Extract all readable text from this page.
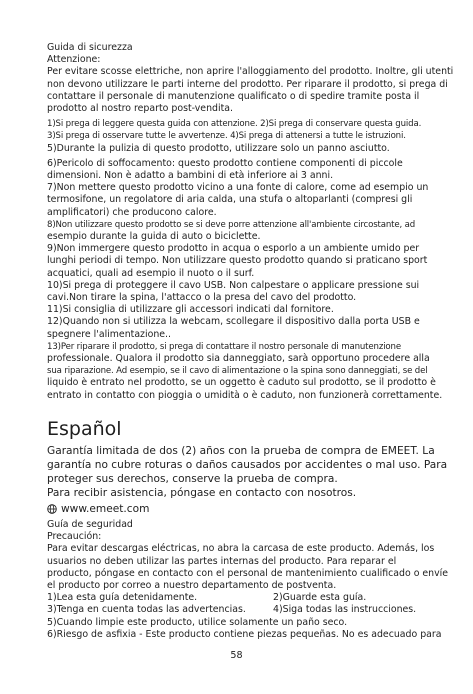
Guida di sicurezza
Attenzione:
Per evitare scosse elettriche, non aprire l'alloggiamento del prodotto. Inoltre, gli utenti
non devono utilizzare le parti interne del prodotto. Per riparare il prodotto, si prega di
contattare il personale di manutenzione qualificato o di spedire tramite posta il
prodotto al nostro reparto post-vendita.
1)Si prega di leggere questa guida con attenzione. 2)Si prega di conservare questa guida.
3)Si prega di osservare tutte le avvertenze. 4)Si prega di attenersi a tutte le istruzioni.
5)Durante la pulizia di questo prodotto, utilizzare solo un panno asciutto.
6)Pericolo di soffocamento: questo prodotto contiene componenti di piccole
dimensioni. Non è adatto a bambini di età inferiore ai 3 anni.
7)Non mettere questo prodotto vicino a una fonte di calore, come ad esempio un
termosifone, un regolatore di aria calda, una stufa o altoparlanti (compresi gli
amplificatori) che producono calore.
8)Non utilizzare questo prodotto se si deve porre attenzione all'ambiente circostante, ad
esempio durante la guida di auto o biciclette.
9)Non immergere questo prodotto in acqua o esporlo a un ambiente umido per
lunghi periodi di tempo. Non utilizzare questo prodotto quando si praticano sport
acquatici, quali ad esempio il nuoto o il surf.
10)Si prega di proteggere il cavo USB. Non calpestare o applicare pressione sui
cavi.Non tirare la spina, l'attacco o la presa del cavo del prodotto.
11)Si consiglia di utilizzare gli accessori indicati dal fornitore.
12)Quando non si utilizza la webcam, scollegare il dispositivo dalla porta USB e
spegnere l'alimentazione..
13)Per riparare il prodotto, si prega di contattare il nostro personale di manutenzione
professionale. Qualora il prodotto sia danneggiato, sarà opportuno procedere alla
sua riparazione. Ad esempio, se il cavo di alimentazione o la spina sono danneggiati, se del
liquido è entrato nel prodotto, se un oggetto è caduto sul prodotto, se il prodotto è
entrato in contatto con pioggia o umidità o è caduto, non funzionerà correttamente.
Español
Garantía limitada de dos (2) años con la prueba de compra de EMEET. La
garantía no cubre roturas o daños causados por accidentes o mal uso. Para
proteger sus derechos, conserve la prueba de compra.
Para recibir asistencia, póngase en contacto con nosotros.
www.emeet.com
Guía de seguridad
Precaución:
Para evitar descargas eléctricas, no abra la carcasa de este producto. Además, los
usuarios no deben utilizar las partes internas del producto. Para reparar el
producto, póngase en contacto con el personal de mantenimiento cualificado o envíe
el producto por correo a nuestro departamento de postventa.
1)Lea esta guía detenidamente.	2)Guarde esta guía.
3)Tenga en cuenta todas las advertencias.	4)Siga todas las instrucciones.
5)Cuando limpie este producto, utilice solamente un paño seco.
6)Riesgo de asfixia - Este producto contiene piezas pequeñas. No es adecuado para
58
